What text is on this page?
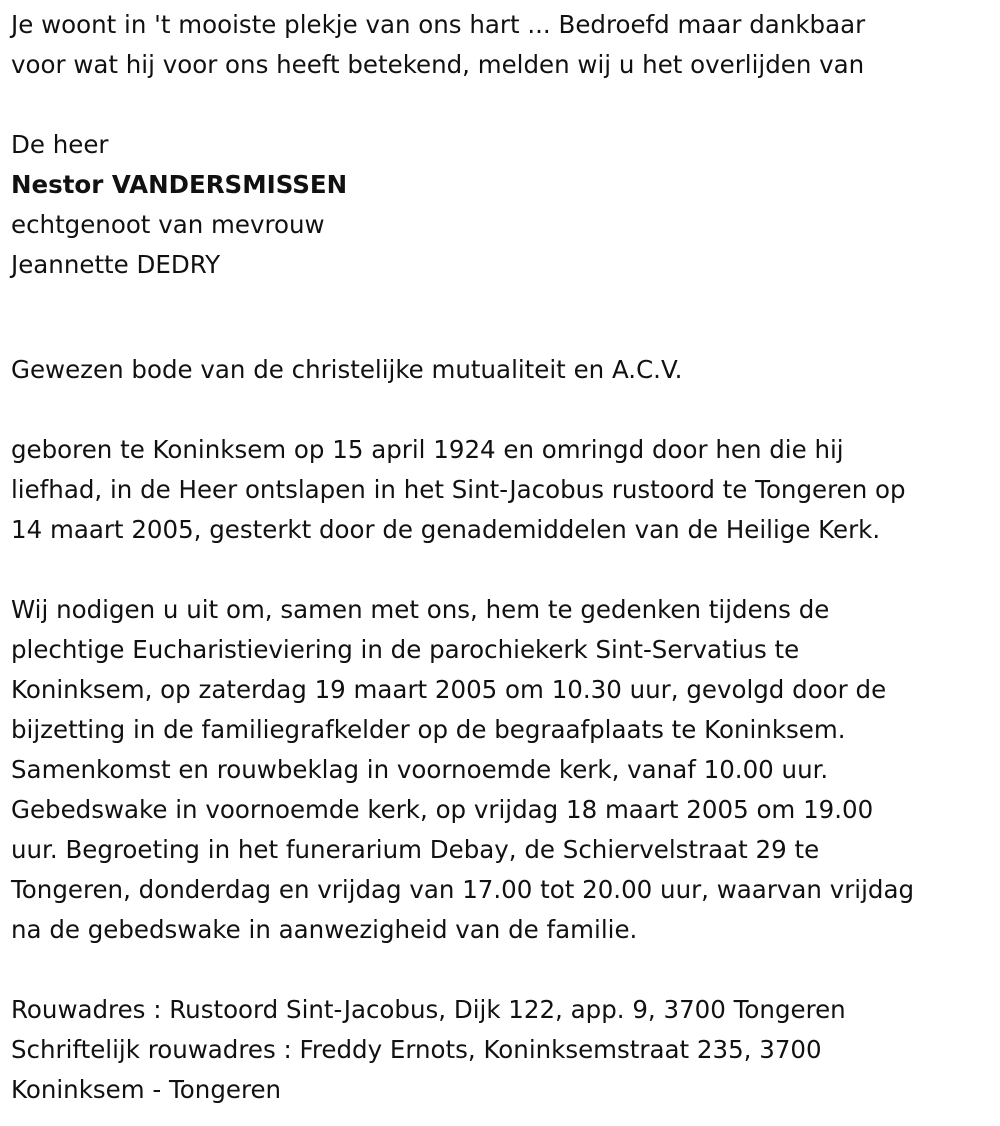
Je woont in 't mooiste plekje van ons hart ... Bedroefd maar dankbaar
voor wat hij voor ons heeft betekend, melden wij u het overlijden van
De heer
Nestor VANDERSMISSEN
echtgenoot van mevrouw
Jeannette DEDRY
Gewezen bode van de christelijke mutualiteit en A.C.V.
geboren te Koninksem op 15 april 1924 en omringd door hen die hij
liefhad, in de Heer ontslapen in het Sint-Jacobus rustoord te Tongeren op
14 maart 2005, gesterkt door de genademiddelen van de Heilige Kerk.
Wij nodigen u uit om, samen met ons, hem te gedenken tijdens de
plechtige Eucharistieviering in de parochiekerk Sint-Servatius te
Koninksem, op zaterdag 19 maart 2005 om 10.30 uur, gevolgd door de
bijzetting in de familiegrafkelder op de begraafplaats te Koninksem.
Samenkomst en rouwbeklag in voornoemde kerk, vanaf 10.00 uur.
Gebedswake in voornoemde kerk, op vrijdag 18 maart 2005 om 19.00
uur. Begroeting in het funerarium Debay, de Schiervelstraat 29 te
Tongeren, donderdag en vrijdag van 17.00 tot 20.00 uur, waarvan vrijdag
na de gebedswake in aanwezigheid van de familie.
Rouwadres : Rustoord Sint-Jacobus, Dijk 122, app. 9, 3700 Tongeren
Schriftelijk rouwadres : Freddy Ernots, Koninksemstraat 235, 3700
Koninksem - Tongeren
